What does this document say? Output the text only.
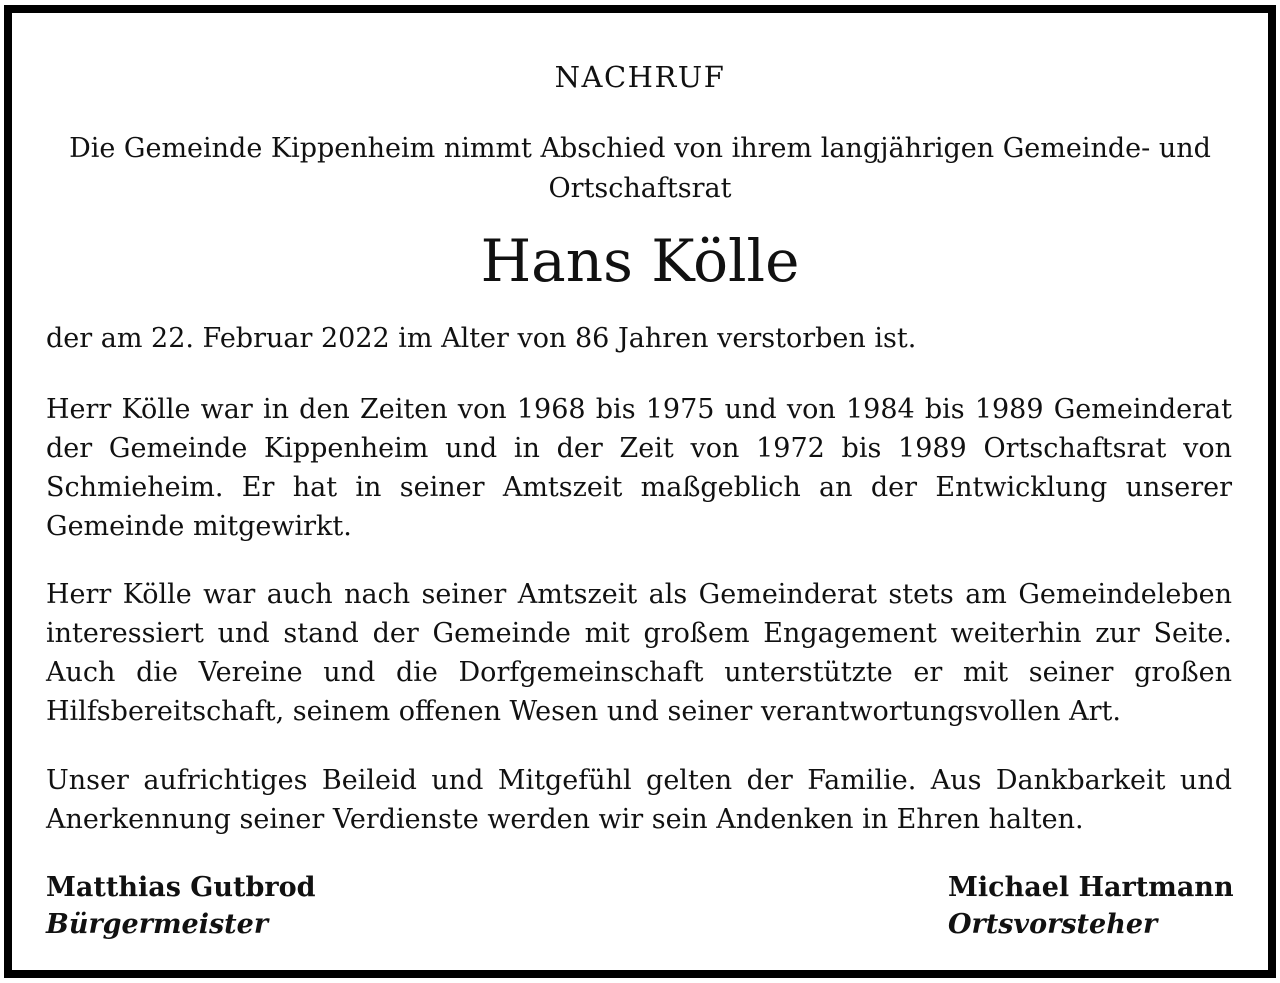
NACHRUF
Die Gemeinde Kippenheim nimmt Abschied von ihrem langjährigen Gemeinde- und Ortschaftsrat
Hans Kölle

der am 22. Februar 2022 im Alter von 86 Jahren verstorben ist.

Herr Kölle war in den Zeiten von 1968 bis 1975 und von 1984 bis 1989 Gemeinderat der Gemeinde Kippenheim und in der Zeit von 1972 bis 1989 Ortschaftsrat von Schmieheim. Er hat in seiner Amtszeit maßgeblich an der Entwicklung unserer Gemeinde mitgewirkt.

Herr Kölle war auch nach seiner Amtszeit als Gemeinderat stets am Gemeindeleben interessiert und stand der Gemeinde mit großem Engagement weiterhin zur Seite. Auch die Vereine und die Dorfgemeinschaft unterstützte er mit seiner großen Hilfsbereitschaft, seinem offenen Wesen und seiner verantwortungsvollen Art.

Unser aufrichtiges Beileid und Mitgefühl gelten der Familie. Aus Dankbarkeit und Anerkennung seiner Verdienste werden wir sein Andenken in Ehren halten.

Matthias Gutbrod
Bürgermeister
Michael Hartmann
Ortsvorsteher
